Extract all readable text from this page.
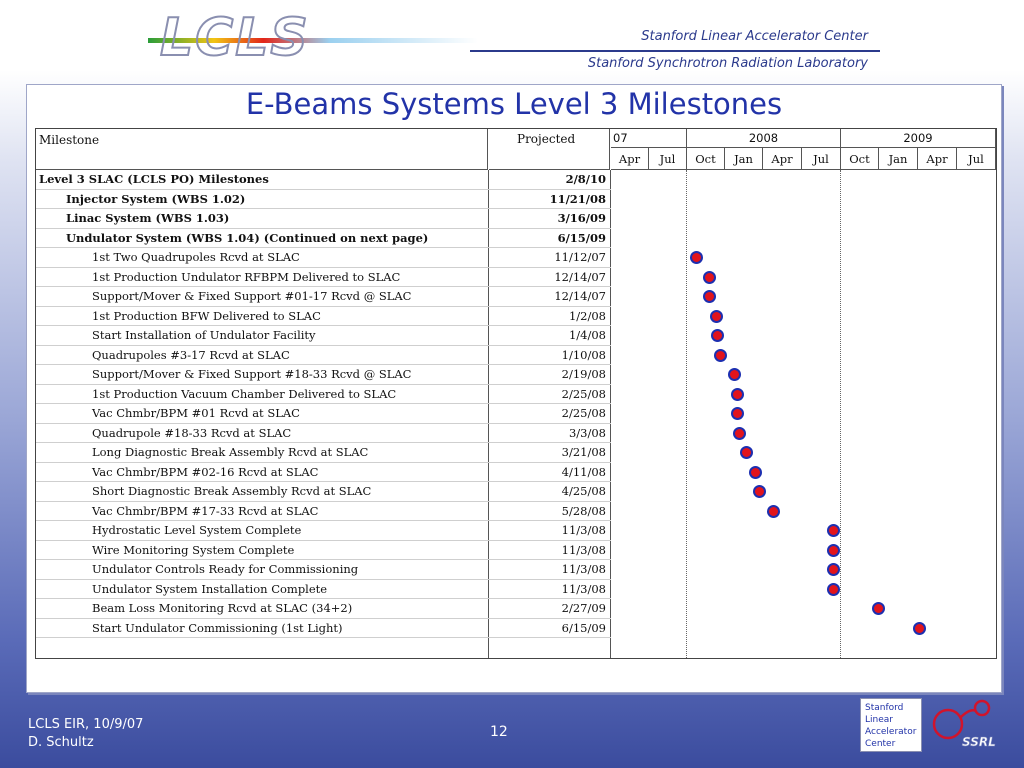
LCLS	Stanford Linear Accelerator Center
Stanford Synchrotron Radiation Laboratory
E-Beams Systems Level 3 Milestones
Milestone	Projected	07	2008	2009
Apr	Jul	Oct	Jan	Apr	Jul	Oct	Jan	Apr	Jul
Level 3 SLAC (LCLS PO) Milestones	2/8/10
Injector System (WBS 1.02)	11/21/08
Linac System (WBS 1.03)	3/16/09
Undulator System (WBS 1.04) (Continued on next page)	6/15/09
1st Two Quadrupoles Rcvd at SLAC	11/12/07
1st Production Undulator RFBPM Delivered to SLAC	12/14/07
Support/Mover & Fixed Support #01-17 Rcvd @ SLAC	12/14/07
1st Production BFW Delivered to SLAC	1/2/08
Start Installation of Undulator Facility	1/4/08
Quadrupoles #3-17 Rcvd at SLAC	1/10/08
Support/Mover & Fixed Support #18-33 Rcvd @ SLAC	2/19/08
1st Production Vacuum Chamber Delivered to SLAC	2/25/08
Vac Chmbr/BPM #01 Rcvd at SLAC	2/25/08
Quadrupole #18-33 Rcvd at SLAC	3/3/08
Long Diagnostic Break Assembly Rcvd at SLAC	3/21/08
Vac Chmbr/BPM #02-16 Rcvd at SLAC	4/11/08
Short Diagnostic Break Assembly Rcvd at SLAC	4/25/08
Vac Chmbr/BPM #17-33 Rcvd at SLAC	5/28/08
Hydrostatic Level System Complete	11/3/08
Wire Monitoring System Complete	11/3/08
Undulator Controls Ready for Commissioning	11/3/08
Undulator System Installation Complete	11/3/08
Beam Loss Monitoring Rcvd at SLAC (34+2)	2/27/09
Start Undulator Commissioning (1st Light)	6/15/09
LCLS EIR, 10/9/07
D. Schultz
12
Stanford
Linear
Accelerator
Center	SSRL
